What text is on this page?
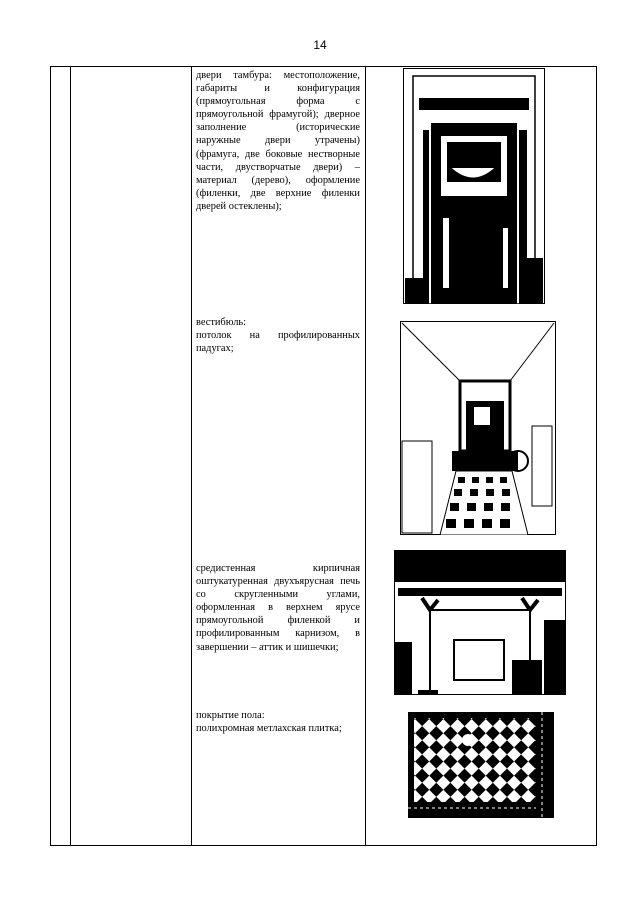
14
двери тамбура: местоположение, габариты и конфигурация (прямоугольная форма с прямоугольной фрамугой); дверное заполнение (исторические наружные двери утрачены) (фрамуга, две боковые нестворные части, двустворчатые двери) – материал (дерево), оформление (филенки, две верхние филенки дверей остеклены);
вестибюль:
потолок на профилированных падугах;
средистенная кирпичная оштукатуренная двухъярусная печь со скругленными углами, оформленная в верхнем ярусе прямоугольной филенкой и профилированным карнизом, в завершении – аттик и шишечки;
покрытие пола:
полихромная метлахская плитка;
